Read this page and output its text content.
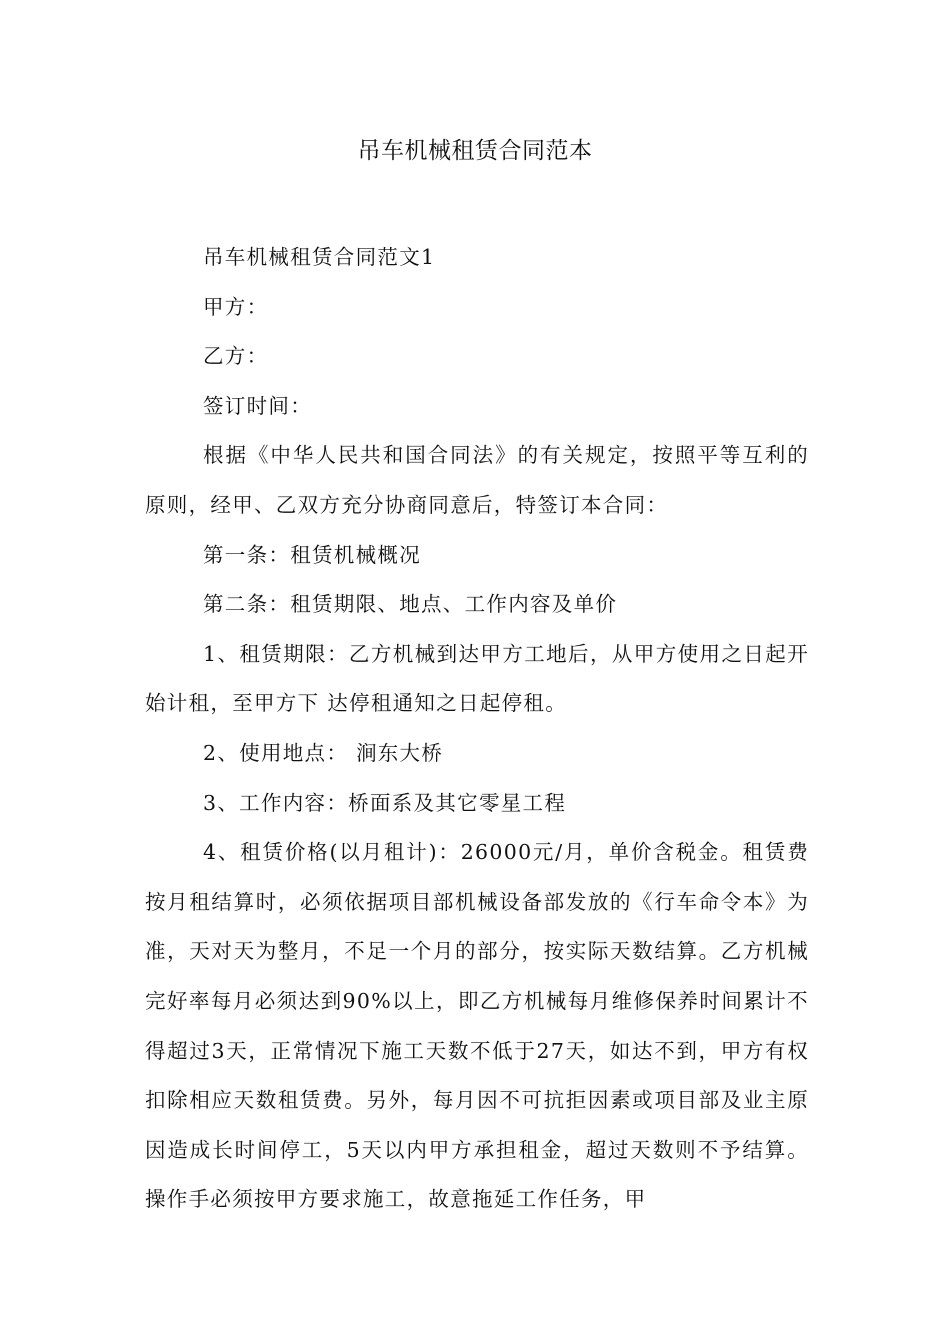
吊车机械租赁合同范本

吊车机械租赁合同范文1

甲方：

乙方：

签订时间：

根据《中华人民共和国合同法》的有关规定，按照平等互利的原则，经甲、乙双方充分协商同意后，特签订本合同：

第一条：租赁机械概况

第二条：租赁期限、地点、工作内容及单价

1、租赁期限：乙方机械到达甲方工地后，从甲方使用之日起开始计租，至甲方下 达停租通知之日起停租。

2、使用地点： 涧东大桥

3、工作内容：桥面系及其它零星工程

4、租赁价格(以月租计)：26000元/月，单价含税金。租赁费按月租结算时，必须依据项目部机械设备部发放的《行车命令本》为准，天对天为整月，不足一个月的部分，按实际天数结算。乙方机械完好率每月必须达到90%以上，即乙方机械每月维修保养时间累计不得超过3天，正常情况下施工天数不低于27天，如达不到，甲方有权扣除相应天数租赁费。另外，每月因不可抗拒因素或项目部及业主原因造成长时间停工，5天以内甲方承担租金，超过天数则不予结算。操作手必须按甲方要求施工，故意拖延工作任务，甲
